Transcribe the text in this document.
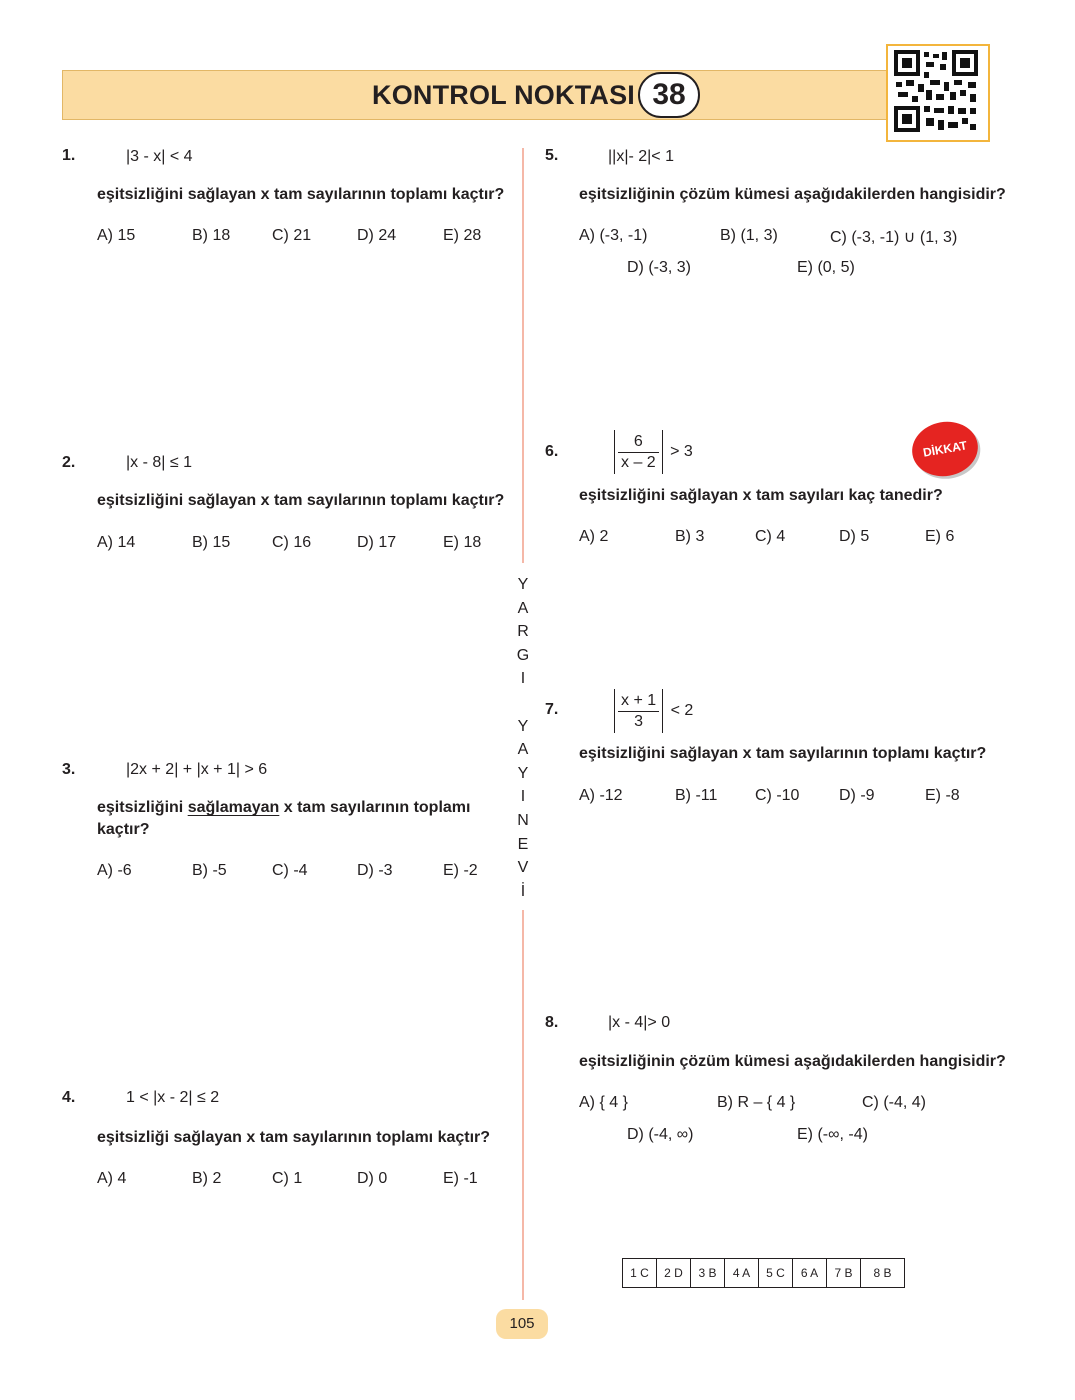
KONTROL NOKTASI 38
Y
A
R
G
I

Y
A
Y
I
N
E
V
İ
1.	|3 - x| < 4
eşitsizliğini sağlayan x tam sayılarının toplamı kaçtır?
A) 15	B) 18	C) 21	D) 24	E) 28
2.	|x - 8| ≤ 1
eşitsizliğini sağlayan x tam sayılarının toplamı kaçtır?
A) 14	B) 15	C) 16	D) 17	E) 18
3.	|2x + 2| + |x + 1| > 6
eşitsizliğini sağlamayan x tam sayılarının toplamı
kaçtır?
A) -6	B) -5	C) -4	D) -3	E) -2
4.	1 < |x - 2| ≤ 2
eşitsizliği sağlayan x tam sayılarının toplamı kaçtır?
A) 4	B) 2	C) 1	D) 0	E) -1
5.	||x|- 2|< 1
eşitsizliğinin çözüm kümesi aşağıdakilerden hangisidir?
A) (-3, -1)	B) (1, 3)	C) (-3, -1) ∪ (1, 3)
D) (-3, 3)	E) (0, 5)
6.	$\frac{6}{x - 2} > 3$	DİKKAT
eşitsizliğini sağlayan x tam sayıları kaç tanedir?
A) 2	B) 3	C) 4	D) 5	E) 6
7.	$\frac{x + 1}{3} < 2$
eşitsizliğini sağlayan x tam sayılarının toplamı kaçtır?
A) -12	B) -11 C) -10 D) -9	E) -8
8.	|x - 4|> 0
eşitsizliğinin çözüm kümesi aşağıdakilerden hangisidir?
A) { 4 }	B) R – { 4 }	C) (-4, 4)
D) (-4, ∞)	E) (-∞, -4)
1 C	2 D	3 B	4 A	5 C	6 A	7 B	8 B
105
